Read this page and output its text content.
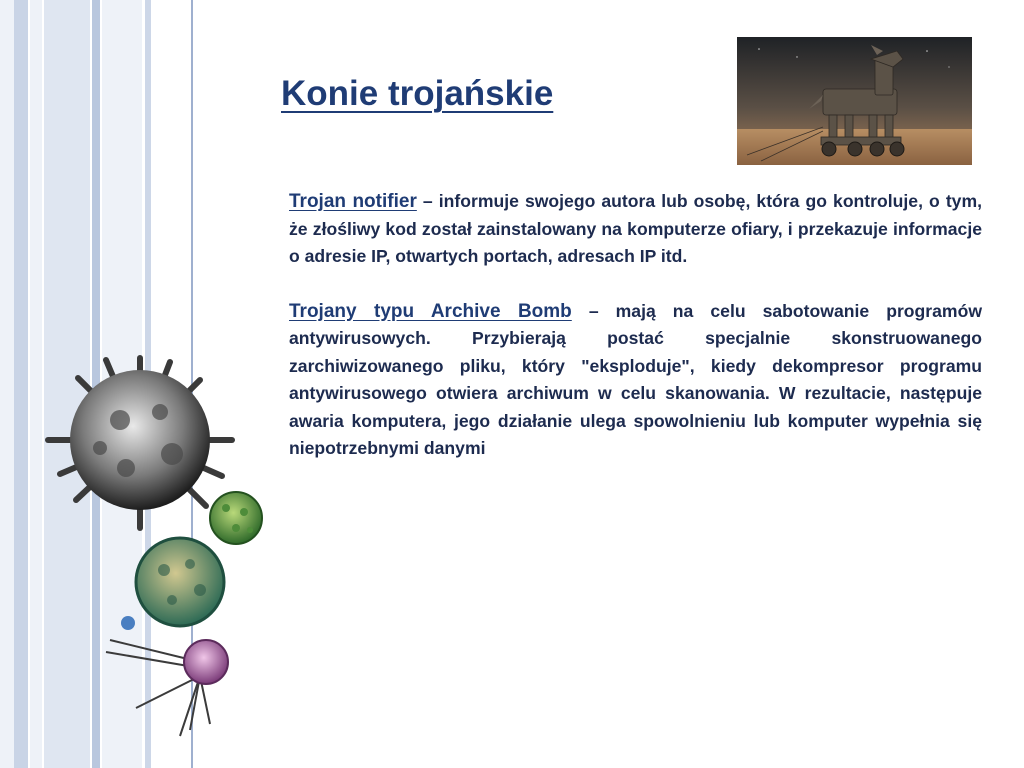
Konie trojańskie

Trojan notifier – informuje swojego autora lub osobę, która go kontroluje, o tym, że złośliwy kod został zainstalowany na komputerze ofiary, i przekazuje informacje o adresie IP, otwartych portach, adresach IP itd.

Trojany typu Archive Bomb – mają na celu sabotowanie programów antywirusowych. Przybierają postać specjalnie skonstruowanego zarchiwizowanego pliku, który "eksploduje", kiedy dekompresor programu antywirusowego otwiera archiwum w celu skanowania. W rezultacie, następuje awaria komputera, jego działanie ulega spowolnieniu lub komputer wypełnia się niepotrzebnymi danymi
